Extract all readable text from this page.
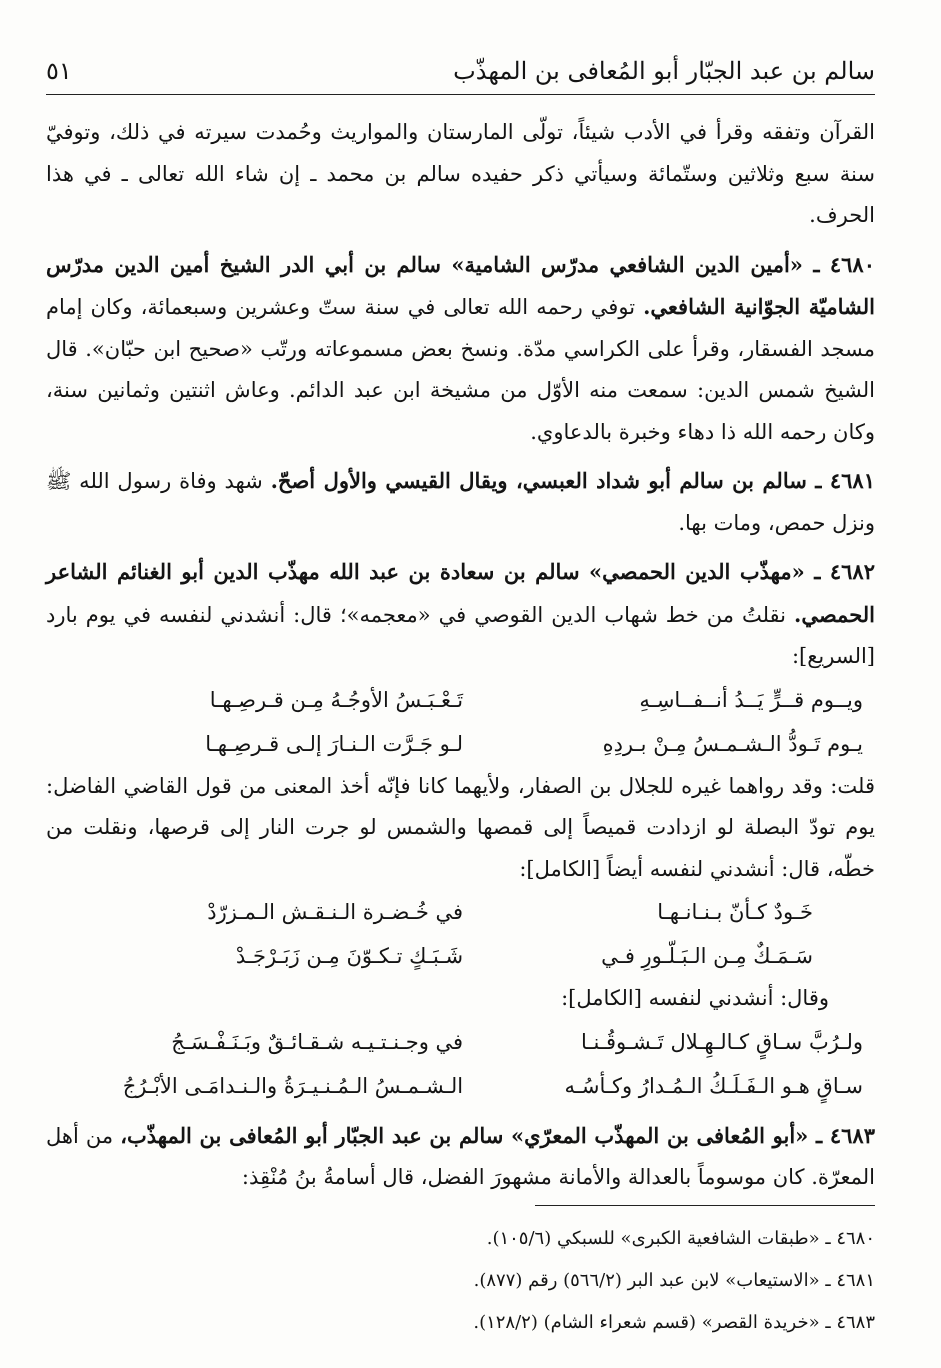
سالم بن عبد الجبّار أبو المُعافى بن المهذّب
٥١

القرآن وتفقه وقرأ في الأدب شيئاً، تولّى المارستان والمواريث وحُمدت سيرته في ذلك، وتوفيّ سنة سبع وثلاثين وستّمائة وسيأتي ذكر حفيده سالم بن محمد ـ إن شاء الله تعالى ـ في هذا الحرف.

٤٦٨٠ ـ «أمين الدين الشافعي مدرّس الشامية» سالم بن أبي الدر الشيخ أمين الدين مدرّس الشاميّة الجوّانية الشافعي. توفي رحمه الله تعالى في سنة ستّ وعشرين وسبعمائة، وكان إمام مسجد الفسقار، وقرأ على الكراسي مدّة. ونسخ بعض مسموعاته ورتّب «صحيح ابن حبّان». قال الشيخ شمس الدين: سمعت منه الأوّل من مشيخة ابن عبد الدائم. وعاش اثنتين وثمانين سنة، وكان رحمه الله ذا دهاء وخبرة بالدعاوي.

٤٦٨١ ـ سالم بن سالم أبو شداد العبسي، ويقال القيسي والأول أصحّ. شهد وفاة رسول الله ﷺ ونزل حمص، ومات بها.

٤٦٨٢ ـ «مهذّب الدين الحمصي» سالم بن سعادة بن عبد الله مهذّب الدين أبو الغنائم الشاعر الحمصي. نقلتُ من خط شهاب الدين القوصي في «معجمه»؛ قال: أنشدني لنفسه في يوم بارد [السريع]:

ويــوم قــرٍّ يَــدُ أنــفــاسِـهِ
تَـعْـبَـسُ الأوجُـهُ مِـن قـرصِـهـا
يـوم تَـودُّ الـشـمـسُ مِـنْ بـردِهِ
لـو جَـرَّت الـنـارَ إلـى قـرصِـهـا

قلت: وقد رواهما غيره للجلال بن الصفار، ولأيهما كانا فإنّه أخذ المعنى من قول القاضي الفاضل: يوم تودّ البصلة لو ازدادت قميصاً إلى قمصها والشمس لو جرت النار إلى قرصها، ونقلت من خطّه، قال: أنشدني لنفسه أيضاً [الكامل]:

خَـودٌ كـأنّ بـنـانـهـا
في خُـضـرة الـنـقـش الـمـزرّدْ
سَـمَـكٌ مِـن الـبَـلّـورِ فـي
شَـبَـكٍ تـكـوّنَ مِـن زَبَـرْجَـدْ

وقال: أنشدني لنفسه [الكامل]:

ولـرُبَّ سـاقٍ كـالـهِـلال تَـشـوقُـنـا
في وجـنـتـيـه شـقـائـقٌ وبَـنَـفْـسَـجُ
سـاقٍ هـو الـفَـلَـكُ الـمُـدارُ وكـأسُـه
الـشـمـسُ الـمُـنـيـرَةُ والـنـدامَـى الأبْـرُجُ

٤٦٨٣ ـ «أبو المُعافى بن المهذّب المعرّي» سالم بن عبد الجبّار أبو المُعافى بن المهذّب، من أهل المعرّة. كان موسوماً بالعدالة والأمانة مشهورَ الفضل، قال أسامةُ بنُ مُنْقِذ:

٤٦٨٠ ـ «طبقات الشافعية الكبرى» للسبكي (١٠٥/٦).

٤٦٨١ ـ «الاستيعاب» لابن عبد البر (٥٦٦/٢) رقم (٨٧٧).

٤٦٨٣ ـ «خريدة القصر» (قسم شعراء الشام) (١٢٨/٢).
